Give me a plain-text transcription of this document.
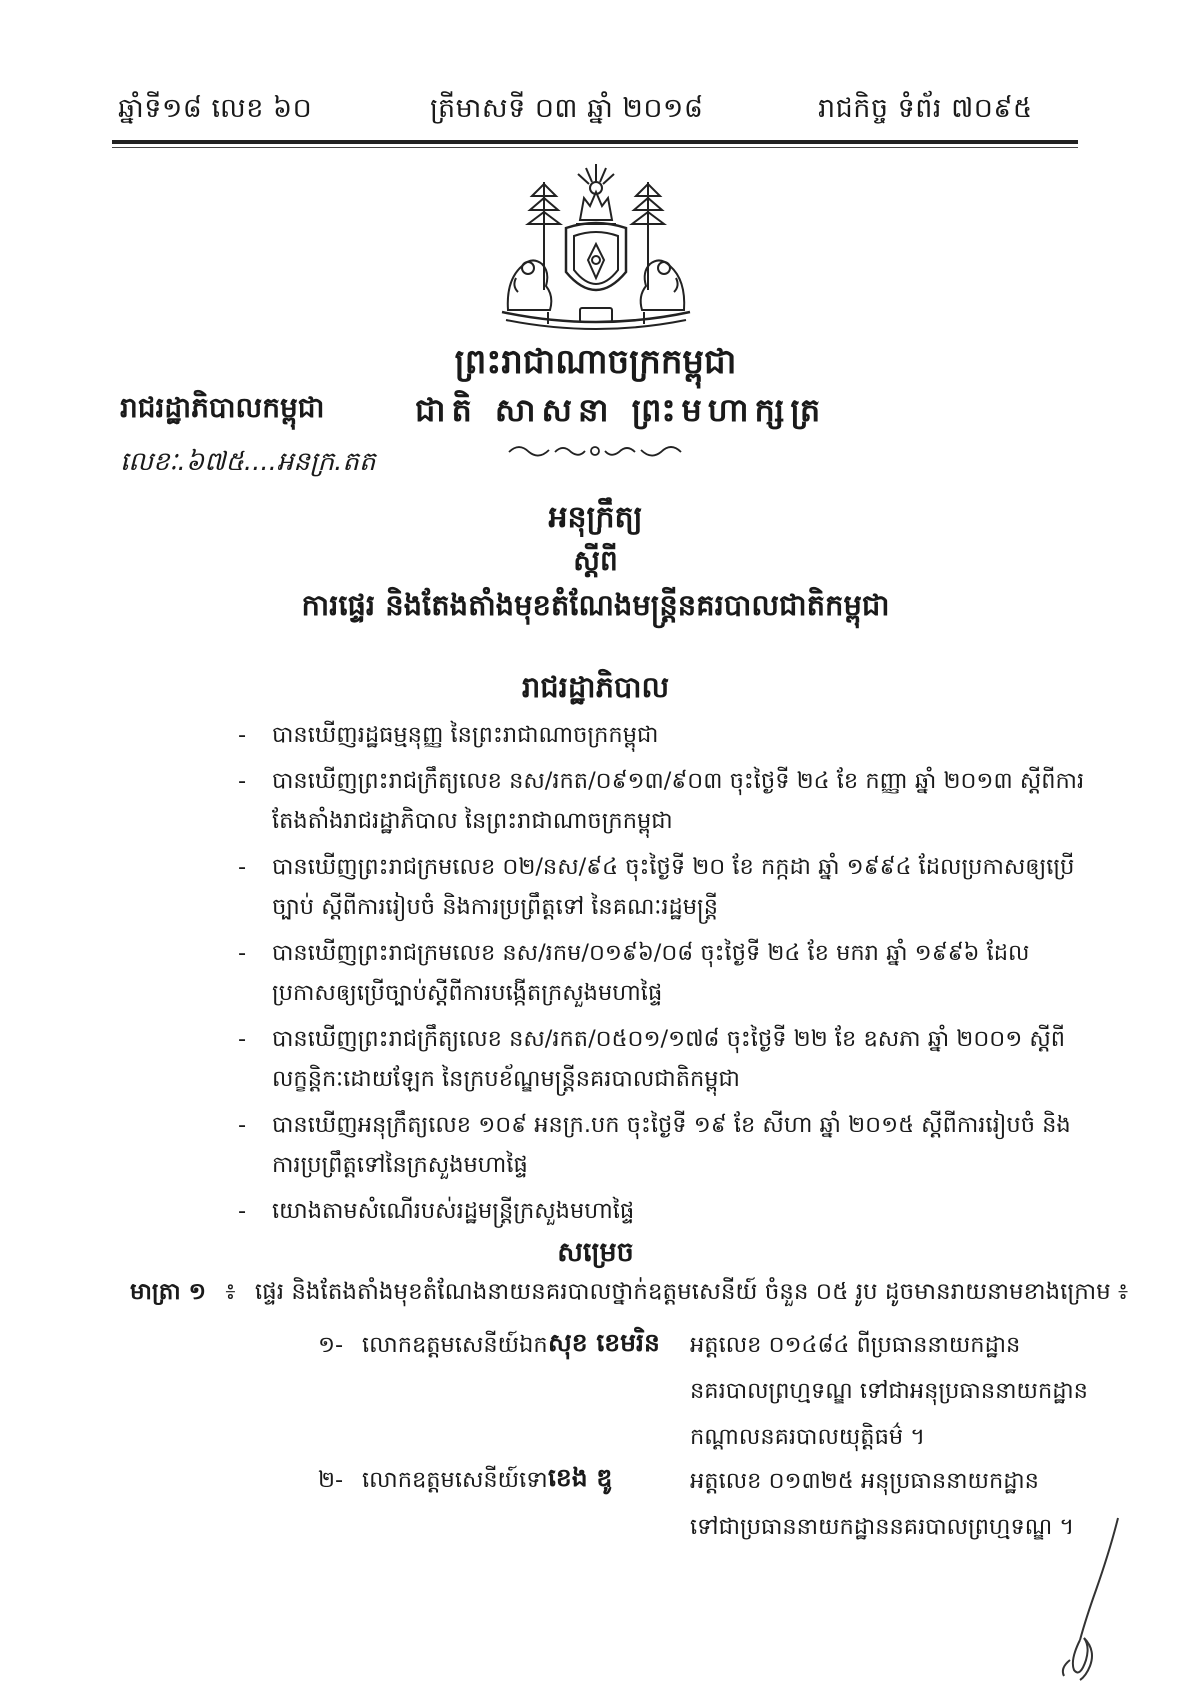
ឆ្នាំទី១៨ លេខ ៦០	ត្រីមាសទី ០៣ ឆ្នាំ ២០១៨	រាជកិច្ច ទំព័រ ៧០៩៥
ព្រះរាជាណាចក្រកម្ពុជា
រាជរដ្ឋាភិបាលកម្ពុជា	ជាតិ សាសនា ព្រះមហាក្សត្រ
លេខៈ.៦៧៥....អនក្រ.តត
អនុក្រឹត្យ
ស្តីពី
ការផ្ទេរ និងតែងតាំងមុខតំណែងមន្ត្រីនគរបាលជាតិកម្ពុជា
រាជរដ្ឋាភិបាល
- បានឃើញរដ្ឋធម្មនុញ្ញ នៃព្រះរាជាណាចក្រកម្ពុជា
- បានឃើញព្រះរាជក្រឹត្យលេខ នស/រកត/០៩១៣/៩០៣ ចុះថ្ងៃទី ២៤ ខែ កញ្ញា ឆ្នាំ ២០១៣ ស្តីពីការតែងតាំងរាជរដ្ឋាភិបាល នៃព្រះរាជាណាចក្រកម្ពុជា
- បានឃើញព្រះរាជក្រមលេខ ០២/នស/៩៤ ចុះថ្ងៃទី ២០ ខែ កក្កដា ឆ្នាំ ១៩៩៤ ដែលប្រកាសឲ្យប្រើច្បាប់ ស្តីពីការរៀបចំ និងការប្រព្រឹត្តទៅ នៃគណៈរដ្ឋមន្ត្រី
- បានឃើញព្រះរាជក្រមលេខ នស/រកម/០១៩៦/០៨ ចុះថ្ងៃទី ២៤ ខែ មករា ឆ្នាំ ១៩៩៦ ដែលប្រកាសឲ្យប្រើច្បាប់ស្តីពីការបង្កើតក្រសួងមហាផ្ទៃ
- បានឃើញព្រះរាជក្រឹត្យលេខ នស/រកត/០៥០១/១៧៨ ចុះថ្ងៃទី ២២ ខែ ឧសភា ឆ្នាំ ២០០១ ស្តីពីលក្ខន្តិកៈដោយឡែក នៃក្របខ័ណ្ឌមន្ត្រីនគរបាលជាតិកម្ពុជា
- បានឃើញអនុក្រឹត្យលេខ ១០៩ អនក្រ.បក ចុះថ្ងៃទី ១៩ ខែ សីហា ឆ្នាំ ២០១៥ ស្តីពីការរៀបចំ និងការប្រព្រឹត្តទៅនៃក្រសួងមហាផ្ទៃ
- យោងតាមសំណើរបស់រដ្ឋមន្ត្រីក្រសួងមហាផ្ទៃ
សម្រេច
មាត្រា ១ ៖ ផ្ទេរ និងតែងតាំងមុខតំណែងនាយនគរបាលថ្នាក់ឧត្តមសេនីយ៍ ចំនួន ០៥ រូប ដូចមានរាយនាមខាងក្រោម ៖
១- លោកឧត្តមសេនីយ៍ឯក សុខ ខេមរិន អត្តលេខ ០១៤៨៤ ពីប្រធាននាយកដ្ឋាននគរបាលព្រហ្មទណ្ឌ ទៅជាអនុប្រធាននាយកដ្ឋានកណ្តាលនគរបាលយុត្តិធម៌ ។
២- លោកឧត្តមសេនីយ៍ទោ ខេង ឌូ	អត្តលេខ ០១៣២៥ អនុប្រធាននាយកដ្ឋាន ទៅជាប្រធាននាយកដ្ឋាននគរបាលព្រហ្មទណ្ឌ ។
